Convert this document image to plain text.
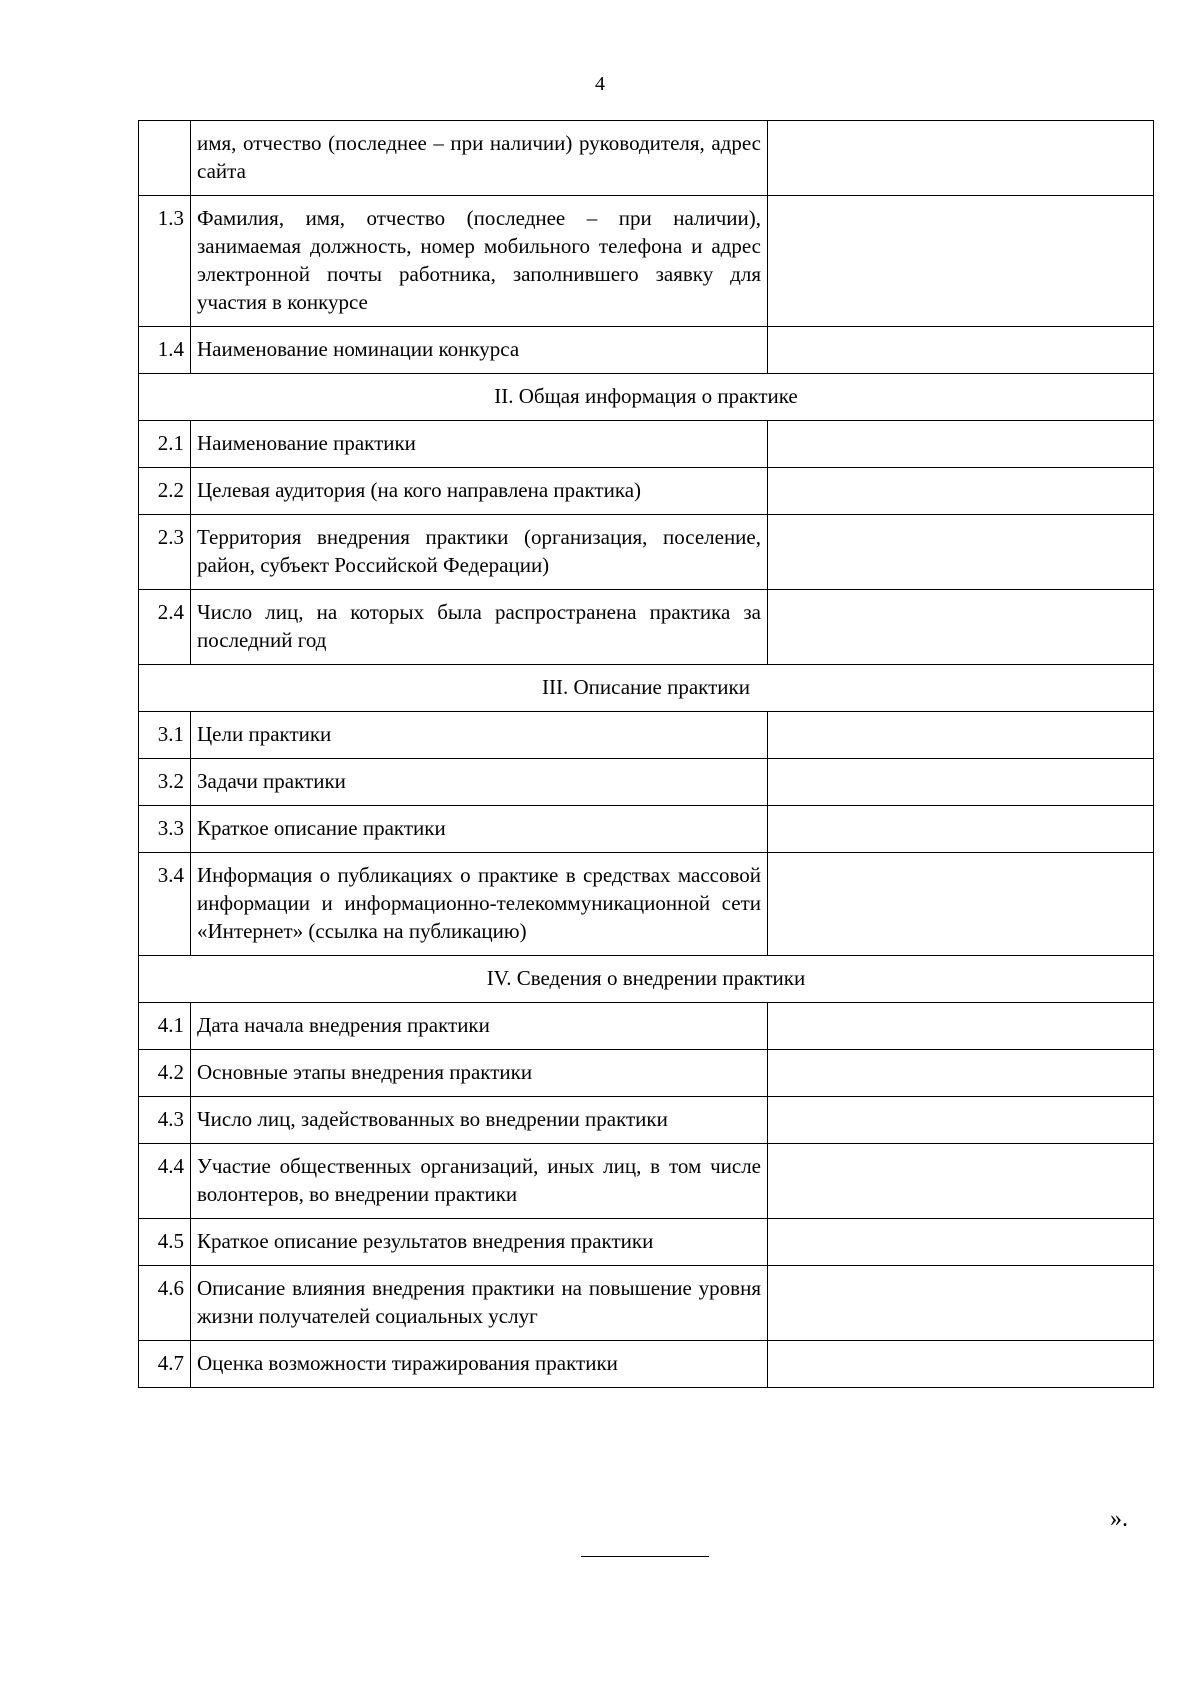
4
	имя, отчество (последнее – при наличии) руководителя, адрес сайта	
1.3	Фамилия, имя, отчество (последнее – при наличии), занимаемая должность, номер мобильного телефона и адрес электронной почты работника, заполнившего заявку для участия в конкурсе	
1.4	Наименование номинации конкурса	
II. Общая информация о практике		
2.1	Наименование практики	
2.2	Целевая аудитория (на кого направлена практика)	
2.3	Территория внедрения практики (организация, поселение, район, субъект Российской Федерации)	
2.4	Число лиц, на которых была распространена практика за последний год	
III. Описание практики		
3.1	Цели практики	
3.2	Задачи практики	
3.3	Краткое описание практики	
3.4	Информация о публикациях о практике в средствах массовой информации и информационно-телекоммуникационной сети «Интернет» (ссылка на публикацию)	
IV. Сведения о внедрении практики		
4.1	Дата начала внедрения практики	
4.2	Основные этапы внедрения практики	
4.3	Число лиц, задействованных во внедрении практики	
4.4	Участие общественных организаций, иных лиц, в том числе волонтеров, во внедрении практики	
4.5	Краткое описание результатов внедрения практики	
4.6	Описание влияния внедрения практики на повышение уровня жизни получателей социальных услуг	
4.7	Оценка возможности тиражирования практики	
».
